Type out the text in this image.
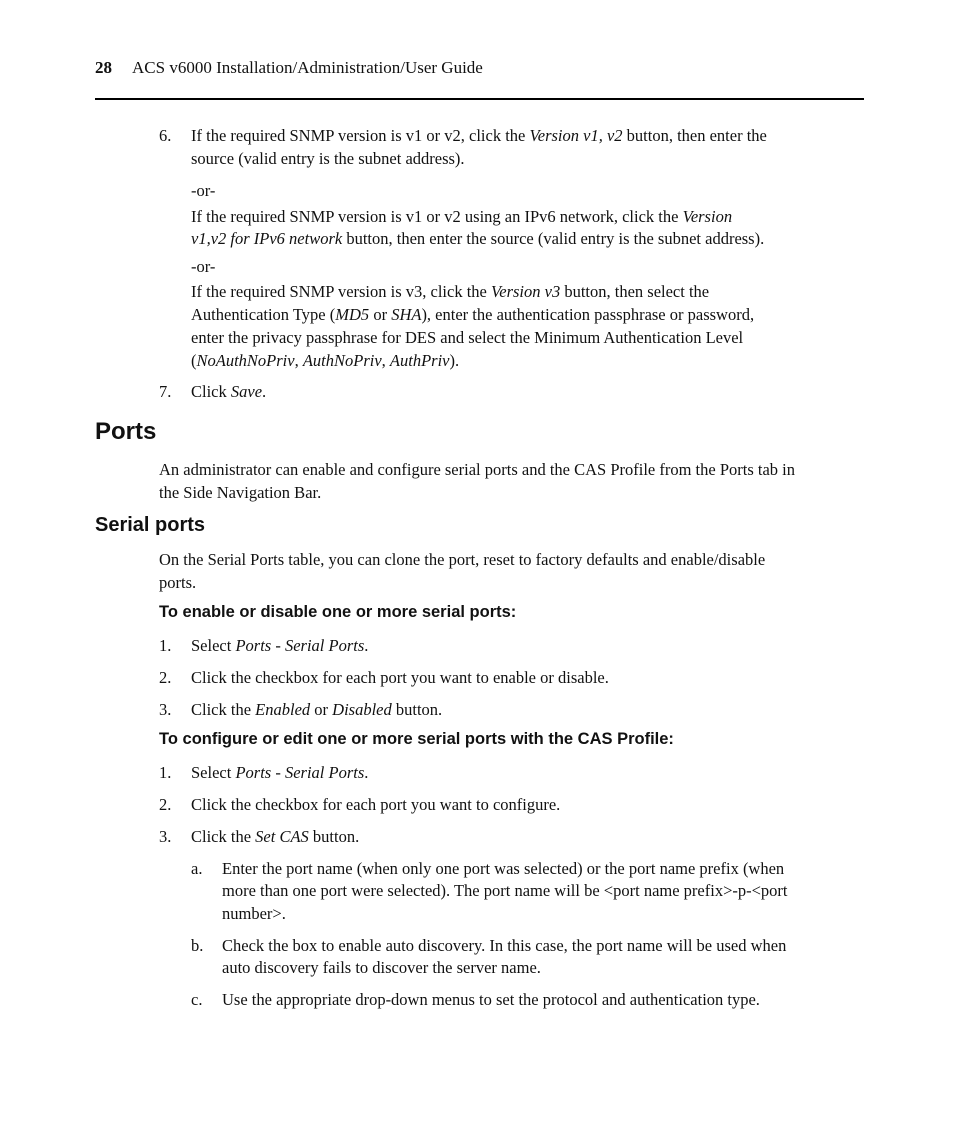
28 ACS v6000 Installation/Administration/User Guide
6. If the required SNMP version is v1 or v2, click the Version v1, v2 button, then enter the
source (valid entry is the subnet address).
-or-
If the required SNMP version is v1 or v2 using an IPv6 network, click the Version
v1,v2 for IPv6 network button, then enter the source (valid entry is the subnet address).
-or-
If the required SNMP version is v3, click the Version v3 button, then select the
Authentication Type (MD5 or SHA), enter the authentication passphrase or password,
enter the privacy passphrase for DES and select the Minimum Authentication Level
(NoAuthNoPriv, AuthNoPriv, AuthPriv).
7. Click Save.
Ports
An administrator can enable and configure serial ports and the CAS Profile from the Ports tab in
the Side Navigation Bar.
Serial ports
On the Serial Ports table, you can clone the port, reset to factory defaults and enable/disable
ports.
To enable or disable one or more serial ports:
1. Select Ports - Serial Ports.
2. Click the checkbox for each port you want to enable or disable.
3. Click the Enabled or Disabled button.
To configure or edit one or more serial ports with the CAS Profile:
1. Select Ports - Serial Ports.
2. Click the checkbox for each port you want to configure.
3. Click the Set CAS button.
a. Enter the port name (when only one port was selected) or the port name prefix (when
more than one port were selected). The port name will be <port name prefix>-p-<port
number>.
b. Check the box to enable auto discovery. In this case, the port name will be used when
auto discovery fails to discover the server name.
c. Use the appropriate drop-down menus to set the protocol and authentication type.
